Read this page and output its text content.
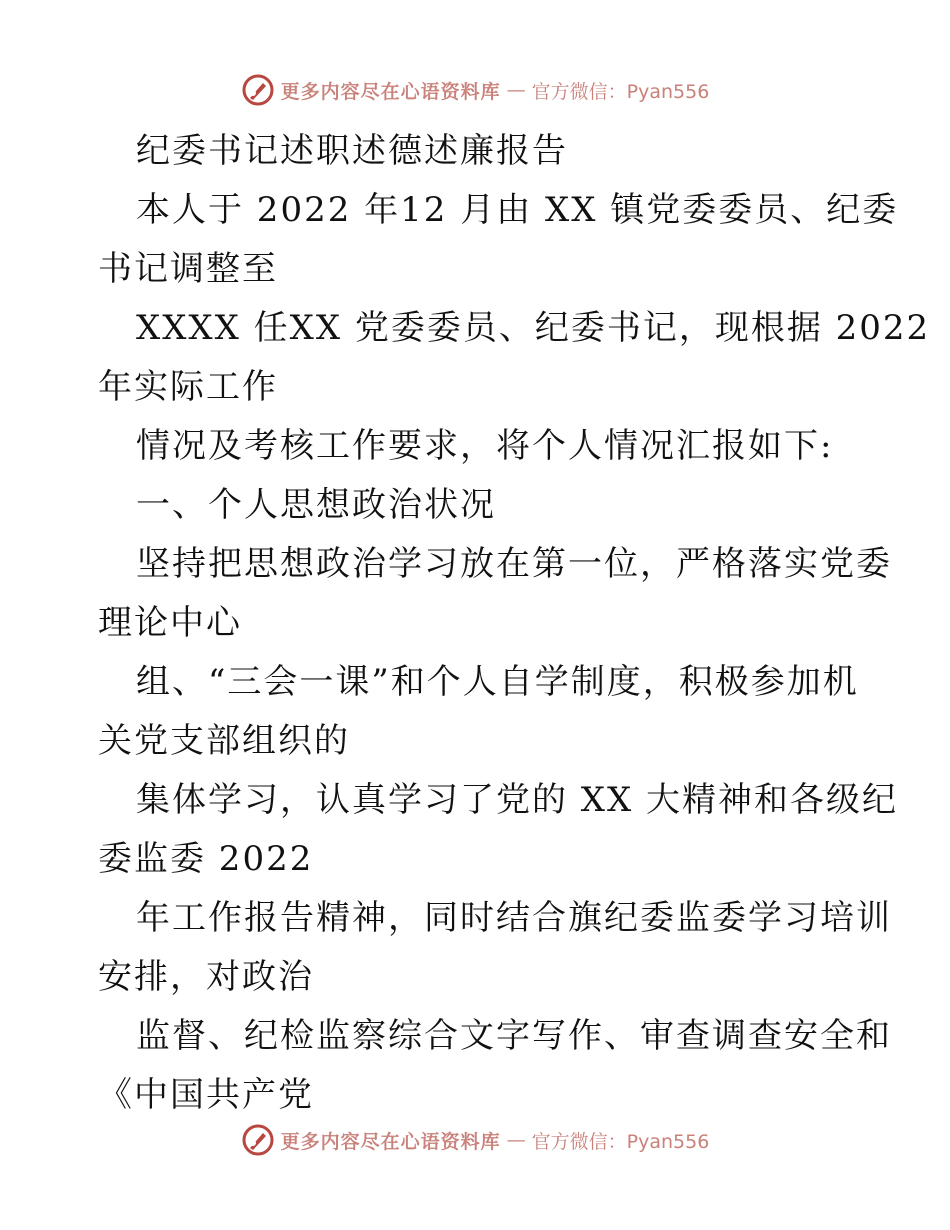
更多内容尽在心语资料库 — 官方微信：Pyan556

纪委书记述职述德述廉报告

本人于 2022 年12 月由 XX 镇党委委员、纪委

书记调整至

XXXX 任XX 党委委员、纪委书记，现根据 2022

年实际工作

情况及考核工作要求，将个人情况汇报如下:

一、个人思想政治状况

坚持把思想政治学习放在第一位，严格落实党委

理论中心

组、“三会一课”和个人自学制度，积极参加机

关党支部组织的

集体学习，认真学习了党的 XX 大精神和各级纪

委监委 2022

年工作报告精神，同时结合旗纪委监委学习培训

安排，对政治

监督、纪检监察综合文字写作、审查调查安全和

《中国共产党

更多内容尽在心语资料库 — 官方微信：Pyan556
